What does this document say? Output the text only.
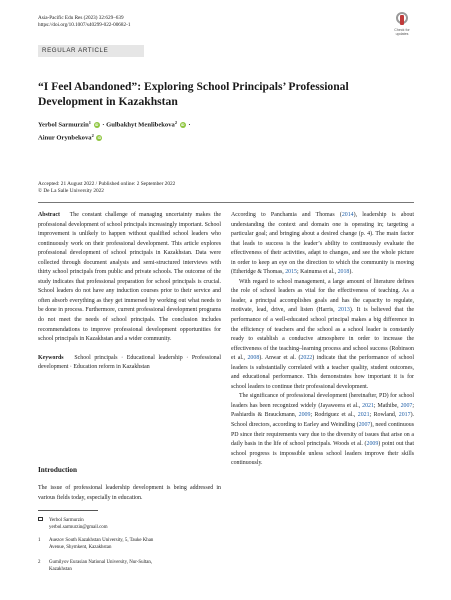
Asia-Pacific Edu Res (2023) 32:629–639
https://doi.org/10.1007/s40299-022-00682-1
Check for
updates
REGULAR ARTICLE
“I Feel Abandoned”: Exploring School Principals’ Professional Development in Kazakhstan
Yerbol Sarmurzin$^1$ iD · Gulbakhyt Menlibekova$^2$ iD ·
Ainur Orynbekova$^2$ iD
Accepted: 21 August 2022 / Published online: 2 September 2022
© De La Salle University 2022

Abstract The constant challenge of managing uncertainty makes the professional development of school principals increasingly important. School improvement is unlikely to happen without qualified school leaders who continuously work on their professional development. This article explores professional development of school principals in Kazakhstan. Data were collected through document analysis and semi-structured interviews with thirty school principals from public and private schools. The outcome of the study indicates that professional preparation for school principals is crucial. School leaders do not have any induction courses prior to their service and often absorb everything as they get immersed by working out what needs to be done in process. Furthermore, current professional development programs do not meet the needs of school principals. The conclusion includes recommendations to improve professional development opportunities for school principals in Kazakhstan and a wider community.

Keywords School principals · Educational leadership · Professional development · Education reform in Kazakhstan

Introduction
The issue of professional leadership development is being addressed in various fields today, especially in education.
Yerbol Sarmurzin
yerbol.sarmurzin@gmail.com
1	Auezov South Kazakhstan University, 5, Tauke Khan Avenue, Shymkent, Kazakhstan
2	Gumilyov Eurasian National University, Nur-Sultan, Kazakhstan

According to Panchamia and Thomas (2014), leadership is about understanding the context and domain one is operating in; targeting a particular goal; and bringing about a desired change (p. 4). The main factor that leads to success is the leader’s ability to continuously evaluate the effectiveness of their activities, adapt to changes, and see the whole picture in order to keep an eye on the direction to which the community is moving (Etheridge & Thomas, 2015; Kainuma et al., 2018).

With regard to school management, a large amount of literature defines the role of school leaders as vital for the effectiveness of teaching. As a leader, a principal accomplishes goals and has the capacity to regulate, motivate, lead, drive, and listen (Harris, 2013). It is believed that the performance of a well-educated school principal makes a big difference in the efficiency of teachers and the school as a school leader is constantly ready to establish a conducive atmosphere in order to increase the effectiveness of the teaching–learning process and school success (Robinson et al., 2008). Anwar et al. (2022) indicate that the performance of school leaders is substantially correlated with a teacher quality, student outcomes, and educational performance. This demonstrates how important it is for school leaders to continue their professional development.

The significance of professional development (hereinafter, PD) for school leaders has been recognized widely (Jayaweera et al., 2021; Mathibe, 2007; Pashiardis & Brauckmann, 2009; Rodriguez et al., 2021; Rowland, 2017). School directors, according to Earley and Weindling (2007), need continuous PD since their requirements vary due to the diversity of issues that arise on a daily basis in the life of school principals. Woods et al. (2009) point out that school progress is impossible unless school leaders improve their skills continuously.
